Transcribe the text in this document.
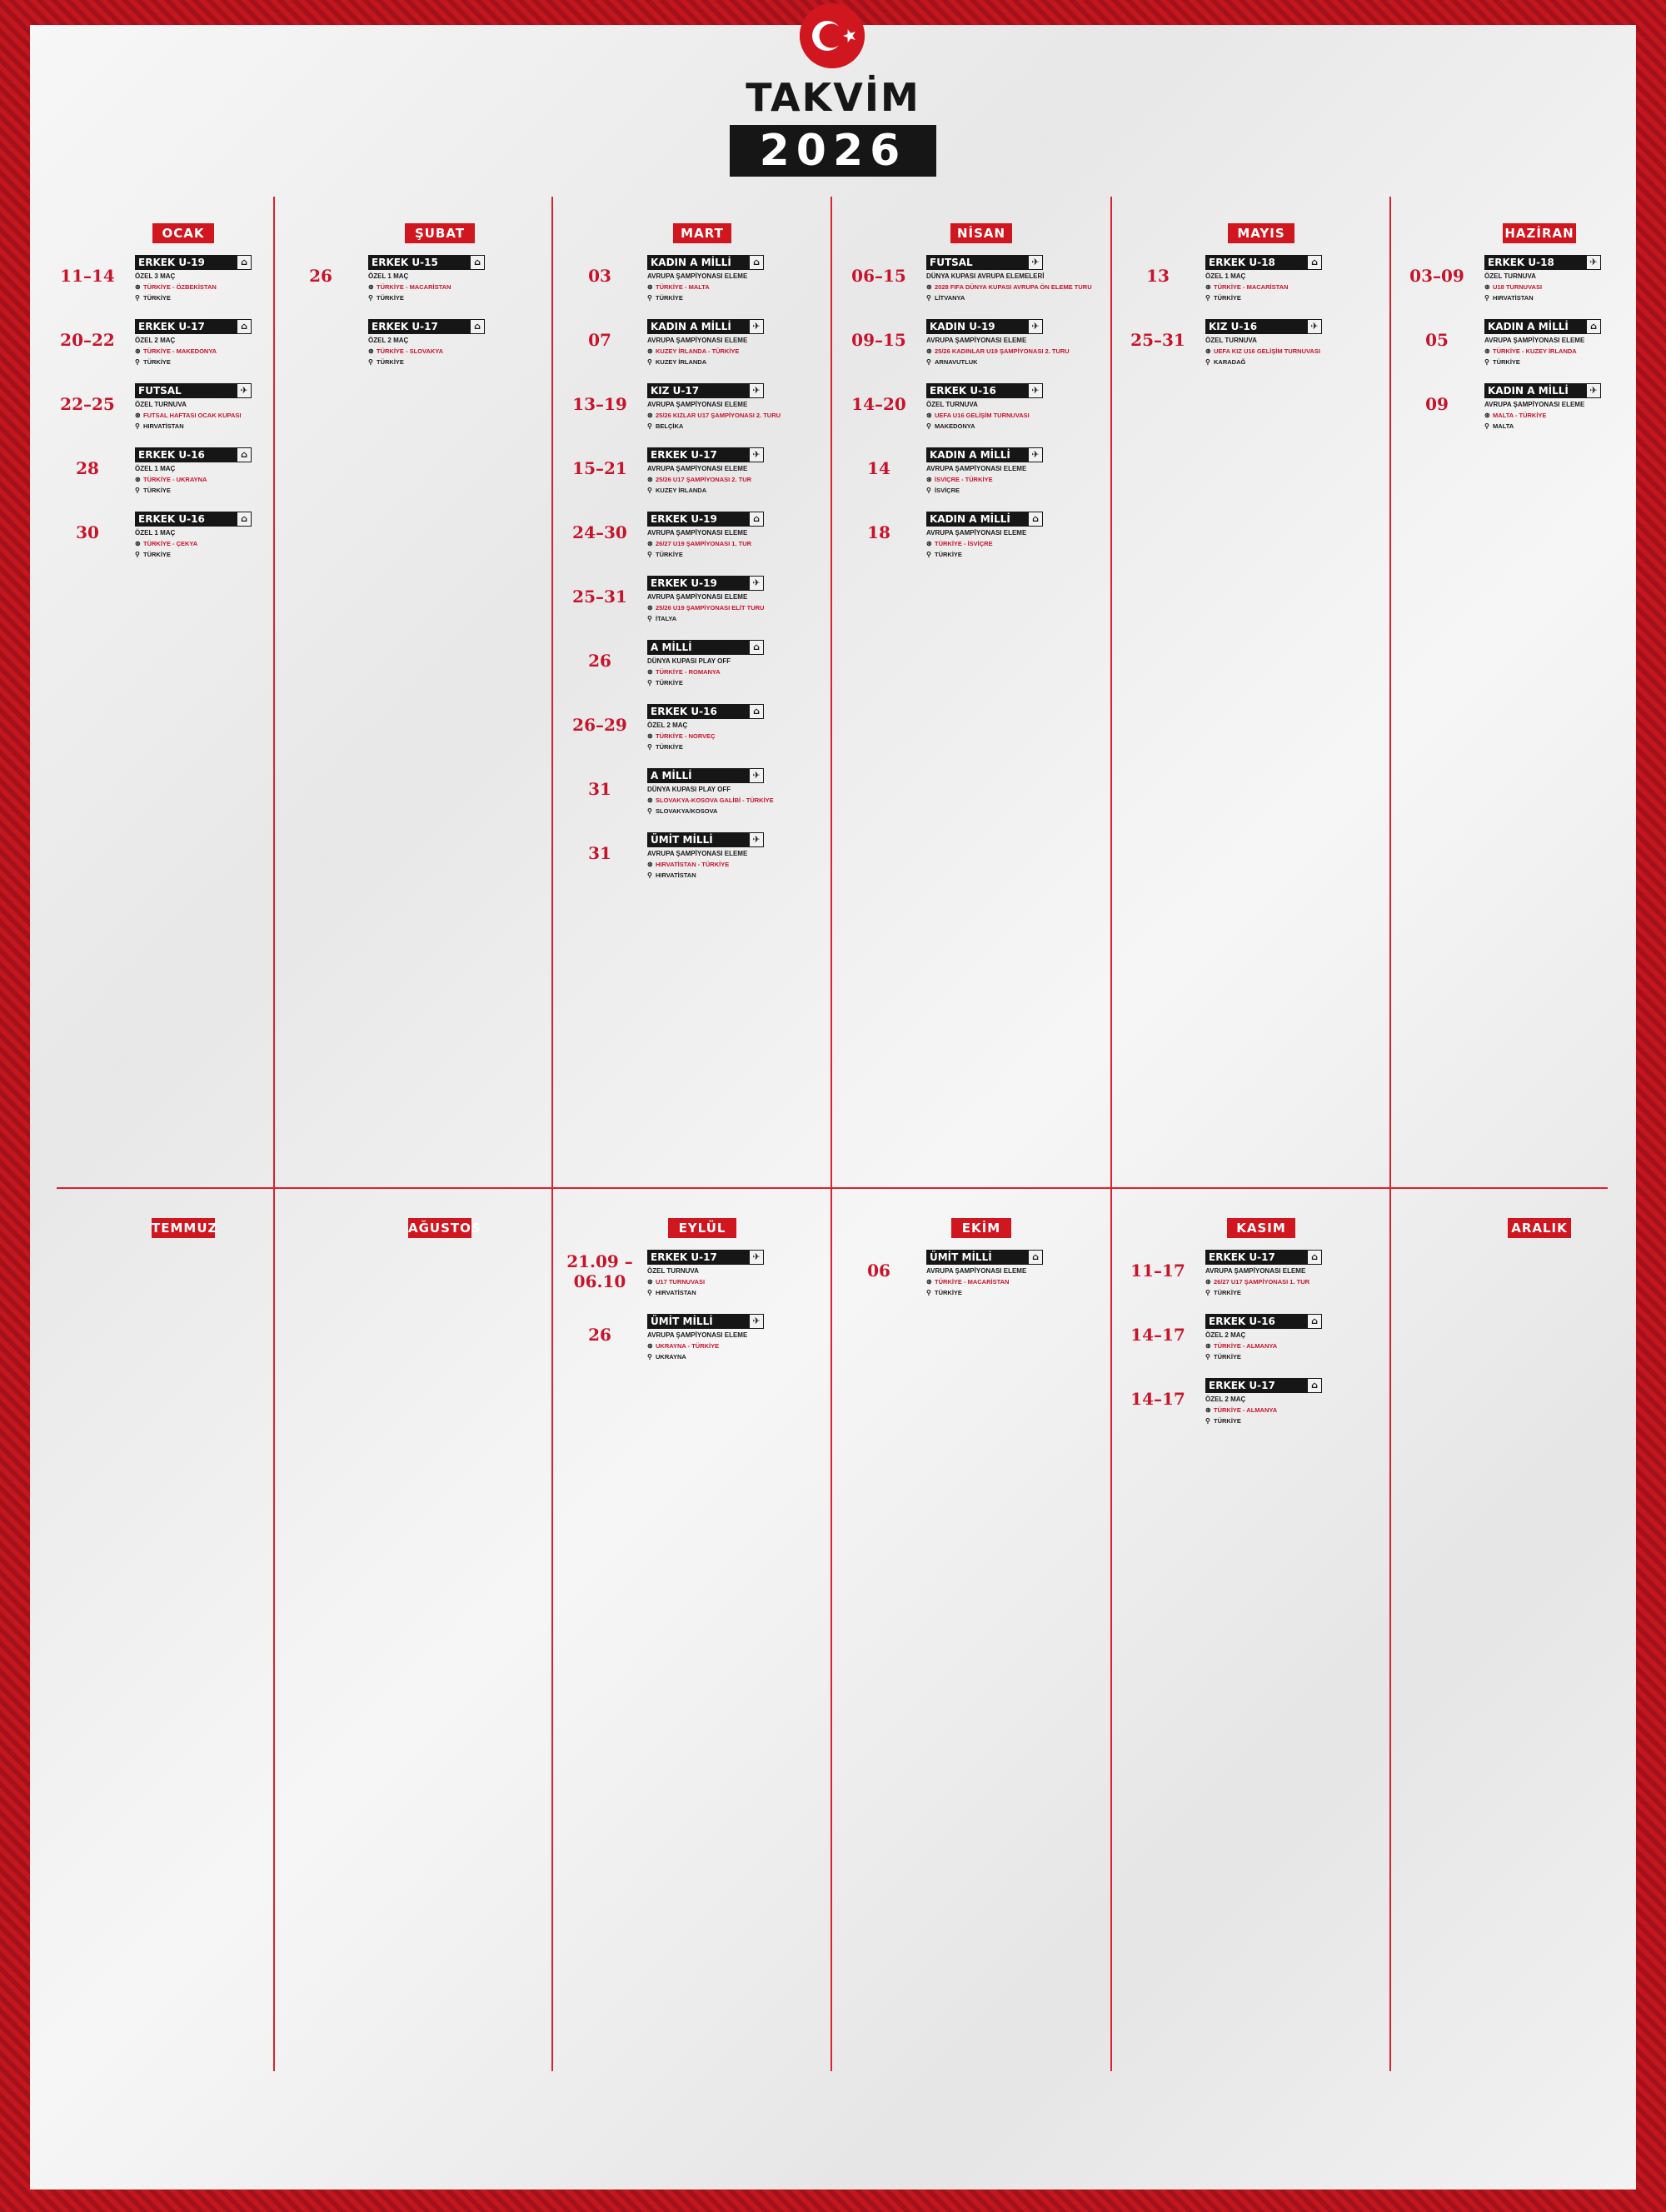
TAKVİM
2026
OCAK
11–14
ERKEK U-19	⌂
ÖZEL 3 MAÇ
⊛ TÜRKİYE - ÖZBEKİSTAN
⚲ TÜRKİYE
20–22
ERKEK U-17	⌂
ÖZEL 2 MAÇ
⊛ TÜRKİYE - MAKEDONYA
⚲ TÜRKİYE
22–25
FUTSAL	✈
ÖZEL TURNUVA
⊛ FUTSAL HAFTASI OCAK KUPASI
⚲ HIRVATİSTAN
28
ERKEK U-16	⌂
ÖZEL 1 MAÇ
⊛ TÜRKİYE - UKRAYNA
⚲ TÜRKİYE
30
ERKEK U-16	⌂
ÖZEL 1 MAÇ
⊛ TÜRKİYE - ÇEKYA
⚲ TÜRKİYE
ŞUBAT
26
ERKEK U-15	⌂
ÖZEL 1 MAÇ
⊛ TÜRKİYE - MACARİSTAN
⚲ TÜRKİYE
ERKEK U-17	⌂
ÖZEL 2 MAÇ
⊛ TÜRKİYE - SLOVAKYA
⚲ TÜRKİYE
MART
03
KADIN A MİLLİ	⌂
AVRUPA ŞAMPİYONASI ELEME
⊛ TÜRKİYE - MALTA
⚲ TÜRKİYE
07
KADIN A MİLLİ	✈
AVRUPA ŞAMPİYONASI ELEME
⊛ KUZEY İRLANDA - TÜRKİYE
⚲ KUZEY İRLANDA
13–19
KIZ U-17	✈
AVRUPA ŞAMPİYONASI ELEME
⊛ 25/26 KIZLAR U17 ŞAMPİYONASI 2. TURU
⚲ BELÇİKA
15–21
ERKEK U-17	✈
AVRUPA ŞAMPİYONASI ELEME
⊛ 25/26 U17 ŞAMPİYONASI 2. TUR
⚲ KUZEY İRLANDA
24–30
ERKEK U-19	⌂
AVRUPA ŞAMPİYONASI ELEME
⊛ 26/27 U19 ŞAMPİYONASI 1. TUR
⚲ TÜRKİYE
25–31
ERKEK U-19	✈
AVRUPA ŞAMPİYONASI ELEME
⊛ 25/26 U19 ŞAMPİYONASI ELİT TURU
⚲ İTALYA
26
A MİLLİ	⌂
DÜNYA KUPASI PLAY OFF
⊛ TÜRKİYE - ROMANYA
⚲ TÜRKİYE
26–29
ERKEK U-16	⌂
ÖZEL 2 MAÇ
⊛ TÜRKİYE - NORVEÇ
⚲ TÜRKİYE
31
A MİLLİ	✈
DÜNYA KUPASI PLAY OFF
⊛ SLOVAKYA-KOSOVA GALİBİ - TÜRKİYE
⚲ SLOVAKYA/KOSOVA
31
ÜMİT MİLLİ	✈
AVRUPA ŞAMPİYONASI ELEME
⊛ HIRVATİSTAN - TÜRKİYE
⚲ HIRVATİSTAN
NİSAN
06–15
FUTSAL	✈
DÜNYA KUPASI AVRUPA ELEMELERİ
⊛ 2028 FIFA DÜNYA KUPASI AVRUPA ÖN ELEME TURU
⚲ LİTVANYA
09–15
KADIN U-19	✈
AVRUPA ŞAMPİYONASI ELEME
⊛ 25/26 KADINLAR U19 ŞAMPİYONASI 2. TURU
⚲ ARNAVUTLUK
14–20
ERKEK U-16	✈
ÖZEL TURNUVA
⊛ UEFA U16 GELİŞİM TURNUVASI
⚲ MAKEDONYA
14
KADIN A MİLLİ	✈
AVRUPA ŞAMPİYONASI ELEME
⊛ İSVİÇRE - TÜRKİYE
⚲ İSVİÇRE
18
KADIN A MİLLİ	⌂
AVRUPA ŞAMPİYONASI ELEME
⊛ TÜRKİYE - İSVİÇRE
⚲ TÜRKİYE
MAYIS
13
ERKEK U-18	⌂
ÖZEL 1 MAÇ
⊛ TÜRKİYE - MACARİSTAN
⚲ TÜRKİYE
25–31
KIZ U-16	✈
ÖZEL TURNUVA
⊛ UEFA KIZ U16 GELİŞİM TURNUVASI
⚲ KARADAĞ
HAZİRAN
03–09
ERKEK U-18	✈
ÖZEL TURNUVA
⊛ U18 TURNUVASI
⚲ HIRVATİSTAN
05
KADIN A MİLLİ	⌂
AVRUPA ŞAMPİYONASI ELEME
⊛ TÜRKİYE - KUZEY İRLANDA
⚲ TÜRKİYE
09
KADIN A MİLLİ	✈
AVRUPA ŞAMPİYONASI ELEME
⊛ MALTA - TÜRKİYE
⚲ MALTA
TEMMUZ	AĞUSTOS	EYLÜL
21.09 – 06.10
ERKEK U-17	✈
ÖZEL TURNUVA
⊛ U17 TURNUVASI
⚲ HIRVATİSTAN
26
ÜMİT MİLLİ	✈
AVRUPA ŞAMPİYONASI ELEME
⊛ UKRAYNA - TÜRKİYE
⚲ UKRAYNA
EKİM
06
ÜMİT MİLLİ	⌂
AVRUPA ŞAMPİYONASI ELEME
⊛ TÜRKİYE - MACARİSTAN
⚲ TÜRKİYE
KASIM
11–17
ERKEK U-17	⌂
AVRUPA ŞAMPİYONASI ELEME
⊛ 26/27 U17 ŞAMPİYONASI 1. TUR
⚲ TÜRKİYE
14–17
ERKEK U-16	⌂
ÖZEL 2 MAÇ
⊛ TÜRKİYE - ALMANYA
⚲ TÜRKİYE
14–17
ERKEK U-17	⌂
ÖZEL 2 MAÇ
⊛ TÜRKİYE - ALMANYA
⚲ TÜRKİYE
ARALIK
